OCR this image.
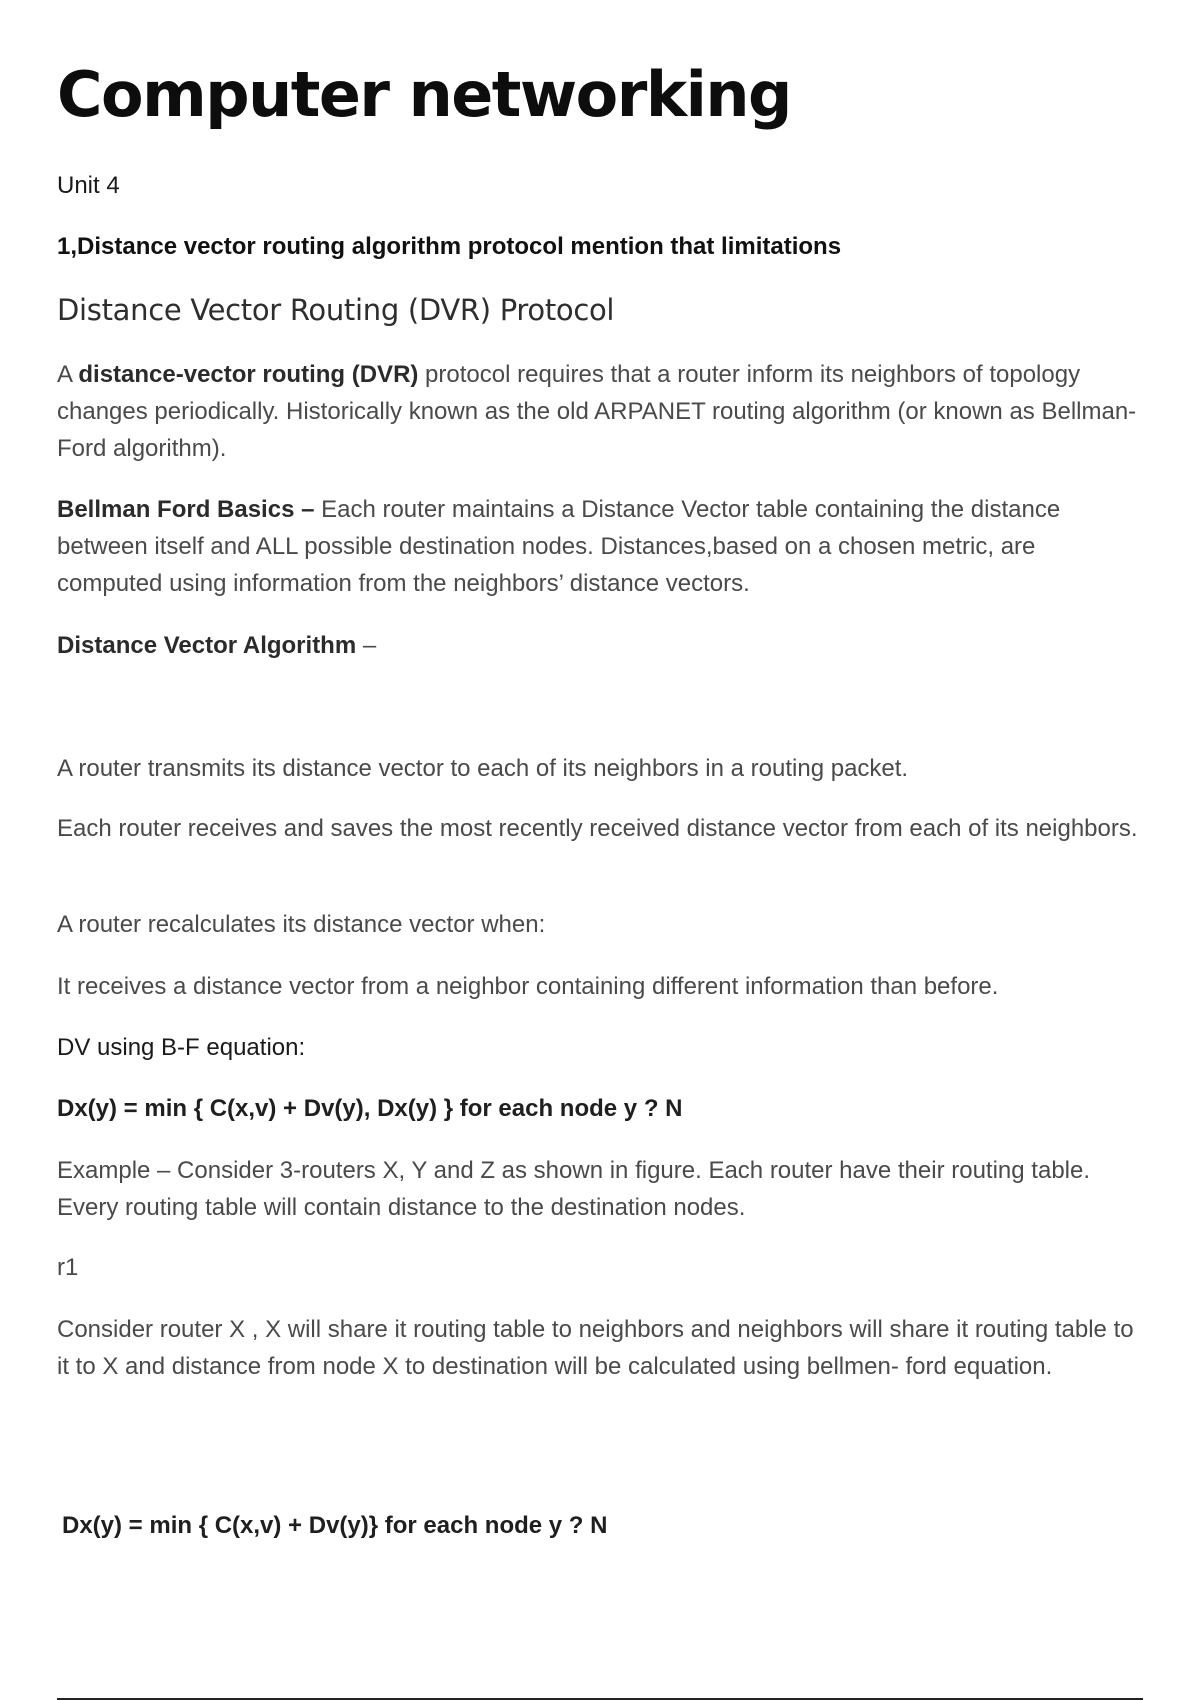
Computer networking

Unit 4

1,Distance vector routing algorithm protocol mention that limitations

Distance Vector Routing (DVR) Protocol

A distance-vector routing (DVR) protocol requires that a router inform its neighbors of topology changes periodically. Historically known as the old ARPANET routing algorithm (or known as Bellman-Ford algorithm).

Bellman Ford Basics – Each router maintains a Distance Vector table containing the distance between itself and ALL possible destination nodes. Distances,based on a chosen metric, are computed using information from the neighbors’ distance vectors.

Distance Vector Algorithm –

A router transmits its distance vector to each of its neighbors in a routing packet.

Each router receives and saves the most recently received distance vector from each of its neighbors.

A router recalculates its distance vector when:

It receives a distance vector from a neighbor containing different information than before.

DV using B-F equation:

Dx(y) = min { C(x,v) + Dv(y), Dx(y) } for each node y ? N

Example – Consider 3-routers X, Y and Z as shown in figure. Each router have their routing table. Every routing table will contain distance to the destination nodes.

r1

Consider router X , X will share it routing table to neighbors and neighbors will share it routing table to it to X and distance from node X to destination will be calculated using bellmen- ford equation.

Dx(y) = min { C(x,v) + Dv(y)} for each node y ? N
